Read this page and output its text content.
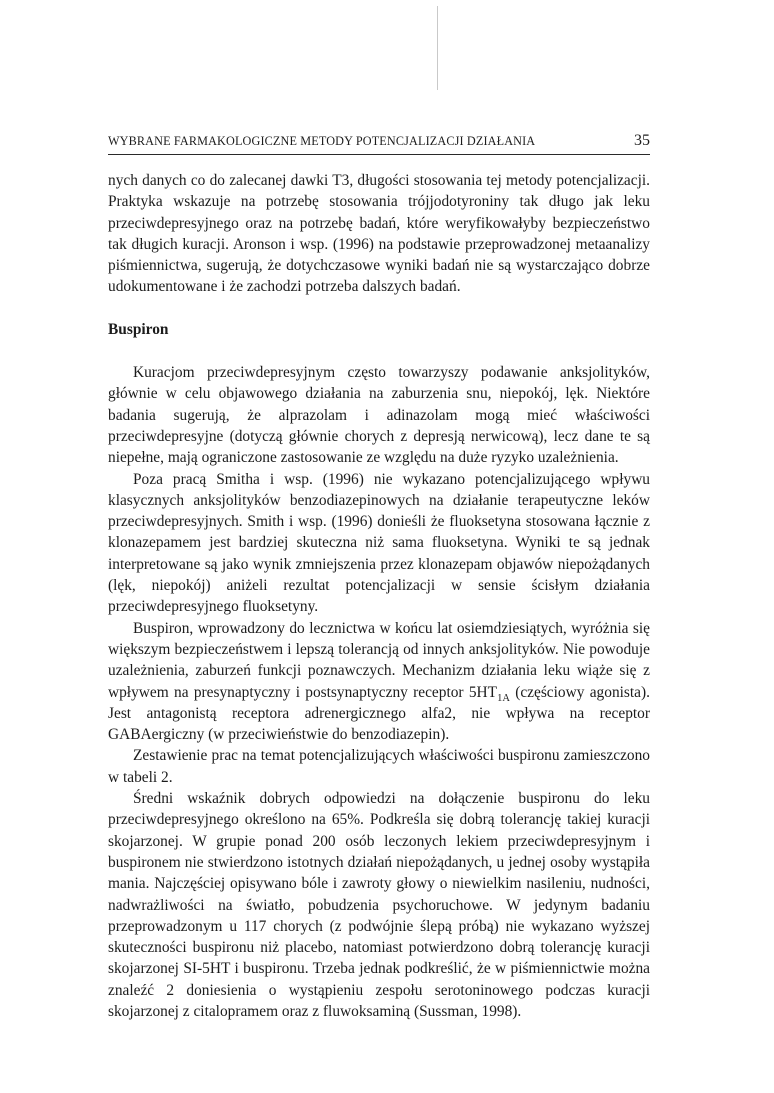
WYBRANE FARMAKOLOGICZNE METODY POTENCJALIZACJI DZIAŁANIA	35

nych danych co do zalecanej dawki T3, długości stosowania tej metody potencjalizacji. Praktyka wskazuje na potrzebę stosowania trójjodotyroniny tak długo jak leku przeciwdepresyjnego oraz na potrzebę badań, które weryfikowałyby bezpieczeństwo tak długich kuracji. Aronson i wsp. (1996) na podstawie przeprowadzonej metaanalizy piśmiennictwa, sugerują, że dotychczasowe wyniki badań nie są wystarczająco dobrze udokumentowane i że zachodzi potrzeba dalszych badań.

Buspiron

Kuracjom przeciwdepresyjnym często towarzyszy podawanie anksjolityków, głównie w celu objawowego działania na zaburzenia snu, niepokój, lęk. Niektóre badania sugerują, że alprazolam i adinazolam mogą mieć właściwości przeciwdepresyjne (dotyczą głównie chorych z depresją nerwicową), lecz dane te są niepełne, mają ograniczone zastosowanie ze względu na duże ryzyko uzależnienia.

Poza pracą Smitha i wsp. (1996) nie wykazano potencjalizującego wpływu klasycznych anksjolityków benzodiazepinowych na działanie terapeutyczne leków przeciwdepresyjnych. Smith i wsp. (1996) donieśli że fluoksetyna stosowana łącznie z klonazepamem jest bardziej skuteczna niż sama fluoksetyna. Wyniki te są jednak interpretowane są jako wynik zmniejszenia przez klonazepam objawów niepożądanych (lęk, niepokój) aniżeli rezultat potencjalizacji w sensie ścisłym działania przeciwdepresyjnego fluoksetyny.

Buspiron, wprowadzony do lecznictwa w końcu lat osiemdziesiątych, wyróżnia się większym bezpieczeństwem i lepszą tolerancją od innych anksjolityków. Nie powoduje uzależnienia, zaburzeń funkcji poznawczych. Mechanizm działania leku wiąże się z wpływem na presynaptyczny i postsynaptyczny receptor $5HT_{1A}$ (częściowy agonista). Jest antagonistą receptora adrenergicznego alfa2, nie wpływa na receptor GABAergiczny (w przeciwieństwie do benzodiazepin).

Zestawienie prac na temat potencjalizujących właściwości buspironu zamieszczono w tabeli 2.

Średni wskaźnik dobrych odpowiedzi na dołączenie buspironu do leku przeciwdepresyjnego określono na 65%. Podkreśla się dobrą tolerancję takiej kuracji skojarzonej. W grupie ponad 200 osób leczonych lekiem przeciwdepresyjnym i buspironem nie stwierdzono istotnych działań niepożądanych, u jednej osoby wystąpiła mania. Najczęściej opisywano bóle i zawroty głowy o niewielkim nasileniu, nudności, nadwrażliwości na światło, pobudzenia psychoruchowe. W jedynym badaniu przeprowadzonym u 117 chorych (z podwójnie ślepą próbą) nie wykazano wyższej skuteczności buspironu niż placebo, natomiast potwierdzono dobrą tolerancję kuracji skojarzonej SI-5HT i buspironu. Trzeba jednak podkreślić, że w piśmiennictwie można znaleźć 2 doniesienia o wystąpieniu zespołu serotoninowego podczas kuracji skojarzonej z citalopramem oraz z fluwoksaminą (Sussman, 1998).
